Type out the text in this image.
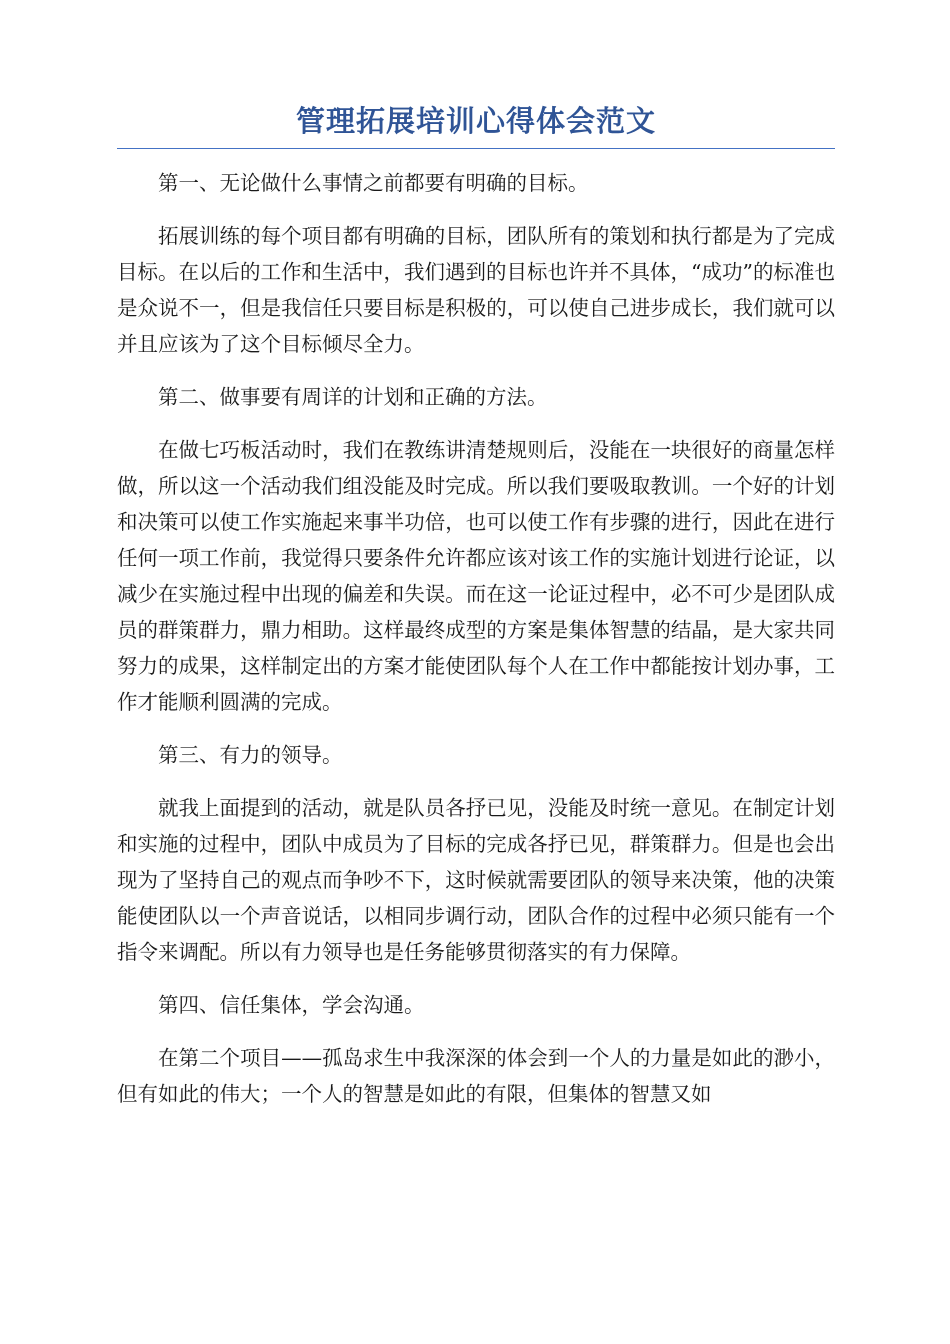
管理拓展培训心得体会范文

第一、无论做什么事情之前都要有明确的目标。

拓展训练的每个项目都有明确的目标，团队所有的策划和执行都是为了完成目标。在以后的工作和生活中，我们遇到的目标也许并不具体，“成功”的标准也是众说不一，但是我信任只要目标是积极的，可以使自己进步成长，我们就可以并且应该为了这个目标倾尽全力。

第二、做事要有周详的计划和正确的方法。

在做七巧板活动时，我们在教练讲清楚规则后，没能在一块很好的商量怎样做，所以这一个活动我们组没能及时完成。所以我们要吸取教训。一个好的计划和决策可以使工作实施起来事半功倍，也可以使工作有步骤的进行，因此在进行任何一项工作前，我觉得只要条件允许都应该对该工作的实施计划进行论证，以减少在实施过程中出现的偏差和失误。而在这一论证过程中，必不可少是团队成员的群策群力，鼎力相助。这样最终成型的方案是集体智慧的结晶，是大家共同努力的成果，这样制定出的方案才能使团队每个人在工作中都能按计划办事，工作才能顺利圆满的完成。

第三、有力的领导。

就我上面提到的活动，就是队员各抒已见，没能及时统一意见。在制定计划和实施的过程中，团队中成员为了目标的完成各抒已见，群策群力。但是也会出现为了坚持自己的观点而争吵不下，这时候就需要团队的领导来决策，他的决策能使团队以一个声音说话，以相同步调行动，团队合作的过程中必须只能有一个指令来调配。所以有力领导也是任务能够贯彻落实的有力保障。

第四、信任集体，学会沟通。

在第二个项目——孤岛求生中我深深的体会到一个人的力量是如此的渺小，但有如此的伟大；一个人的智慧是如此的有限，但集体的智慧又如
